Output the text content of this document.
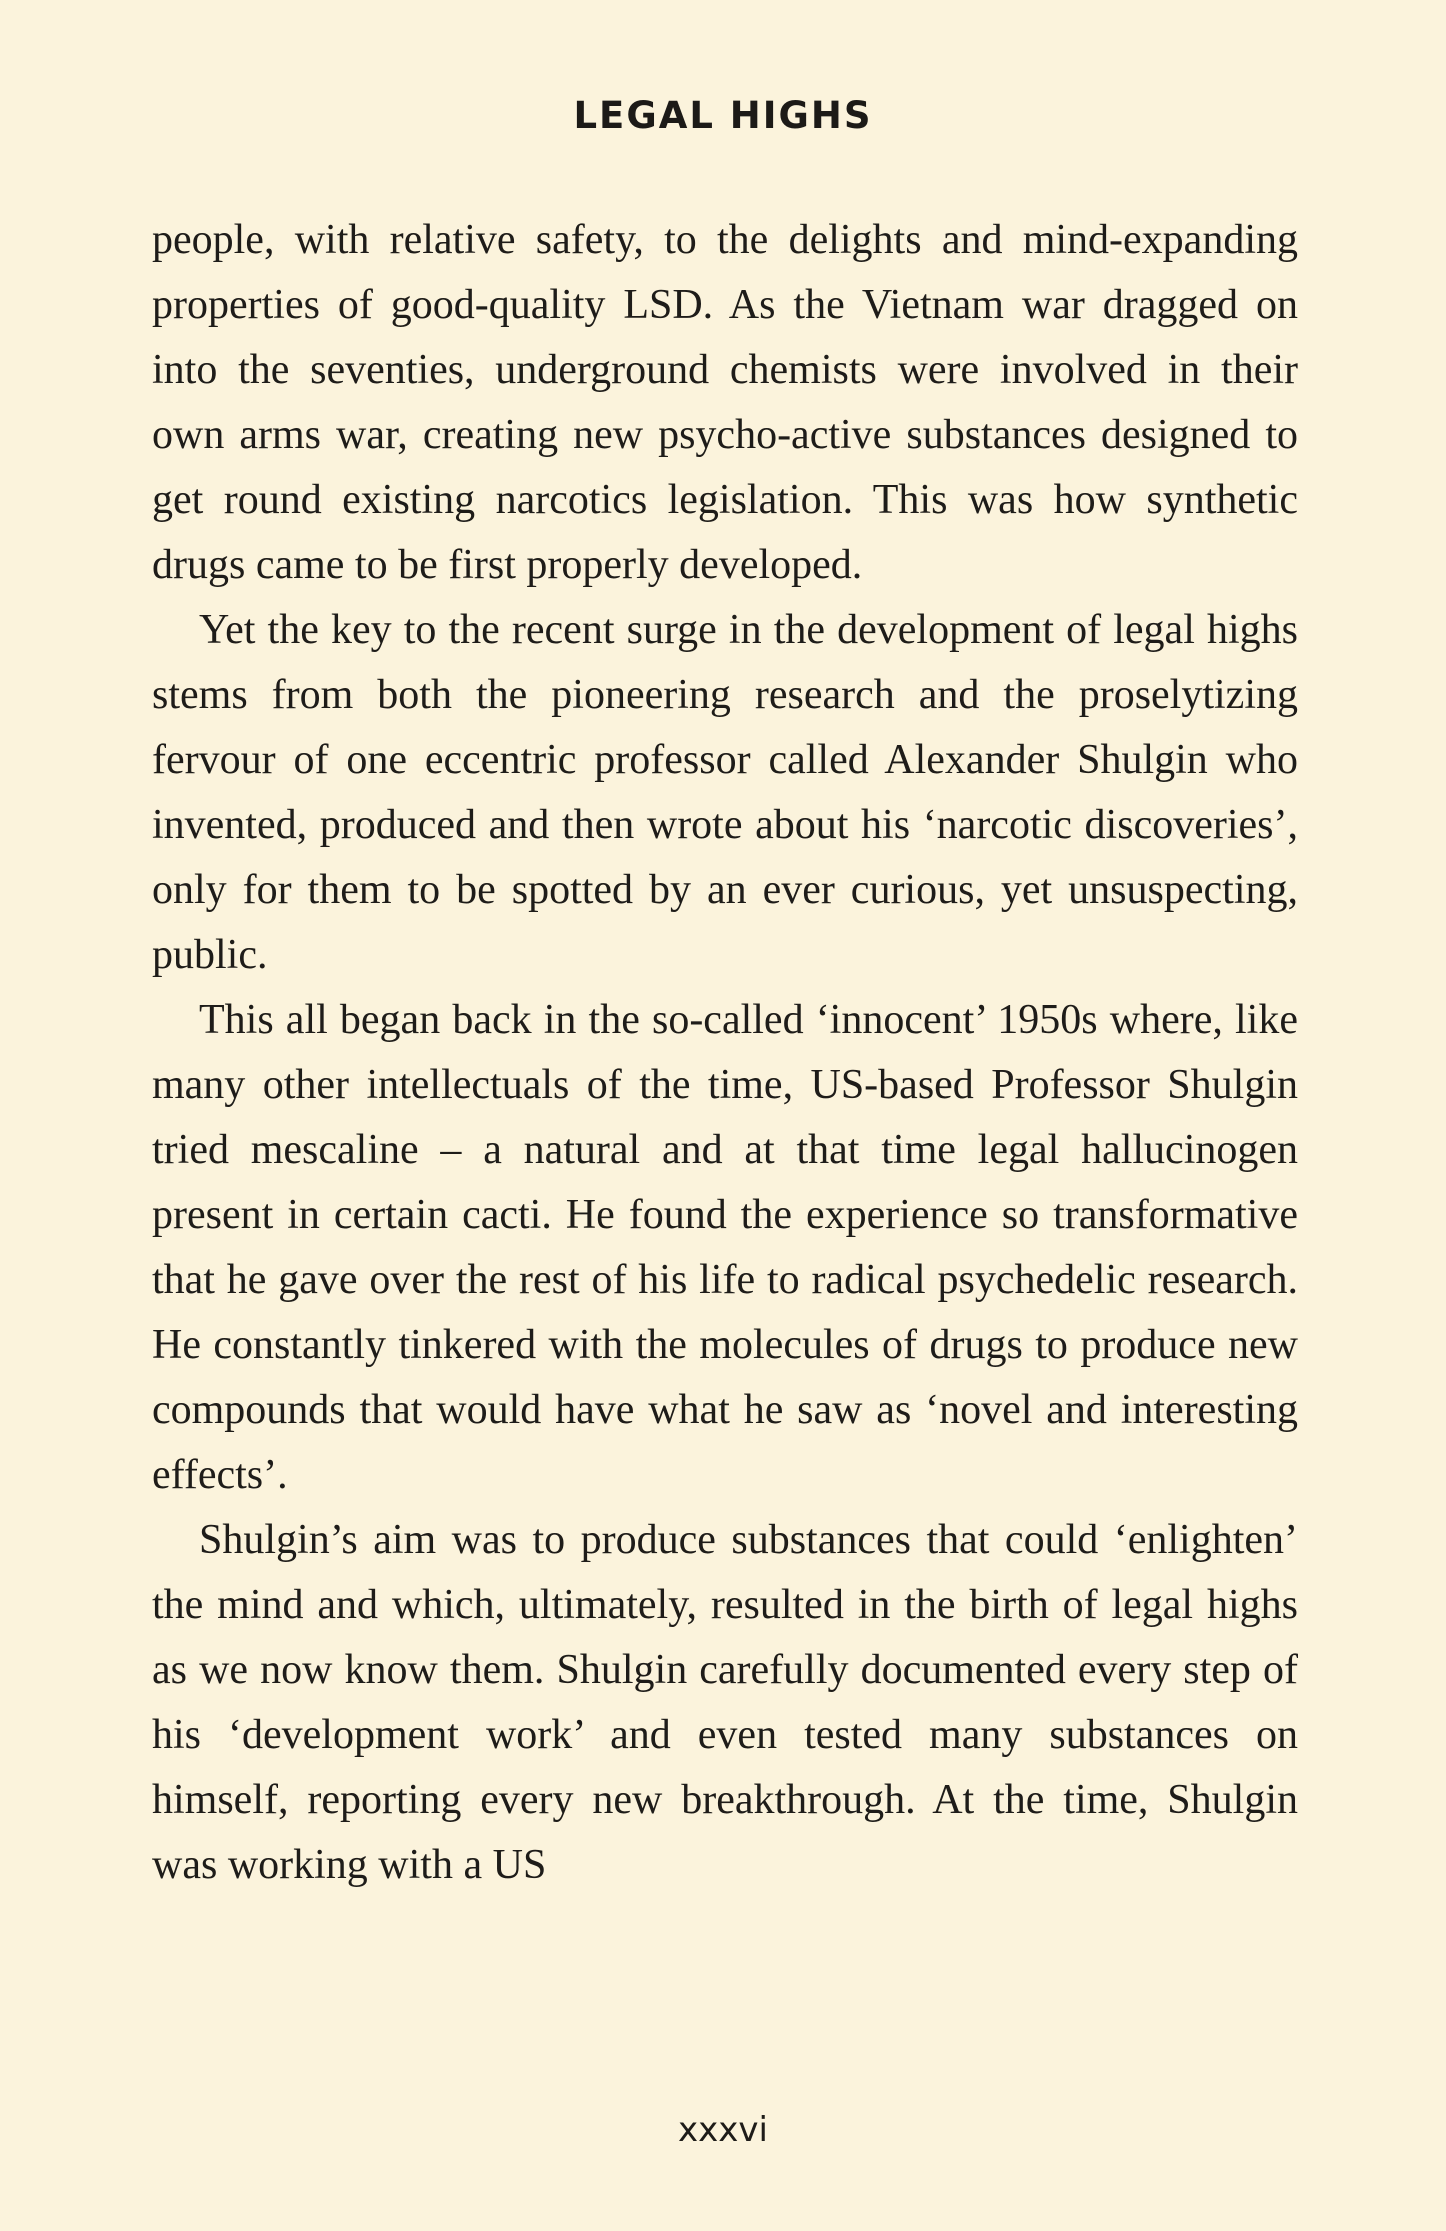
LEGAL HIGHS

people, with relative safety, to the delights and mind-expanding properties of good-quality LSD. As the Vietnam war dragged on into the seventies, underground chemists were involved in their own arms war, creating new psycho-active substances designed to get round existing narcotics legislation. This was how synthetic drugs came to be first properly developed.

Yet the key to the recent surge in the development of legal highs stems from both the pioneering research and the proselytizing fervour of one eccentric professor called Alexander Shulgin who invented, produced and then wrote about his ‘narcotic discoveries’, only for them to be spotted by an ever curious, yet unsuspecting, public.

This all began back in the so-called ‘innocent’ 1950s where, like many other intellectuals of the time, US-based Professor Shulgin tried mescaline – a natural and at that time legal hallucinogen present in certain cacti. He found the experience so transformative that he gave over the rest of his life to radical psychedelic research. He constantly tinkered with the molecules of drugs to produce new compounds that would have what he saw as ‘novel and interesting effects’.

Shulgin’s aim was to produce substances that could ‘enlighten’ the mind and which, ultimately, resulted in the birth of legal highs as we now know them. Shulgin carefully documented every step of his ‘development work’ and even tested many substances on himself, reporting every new breakthrough. At the time, Shulgin was working with a US

xxxvi
